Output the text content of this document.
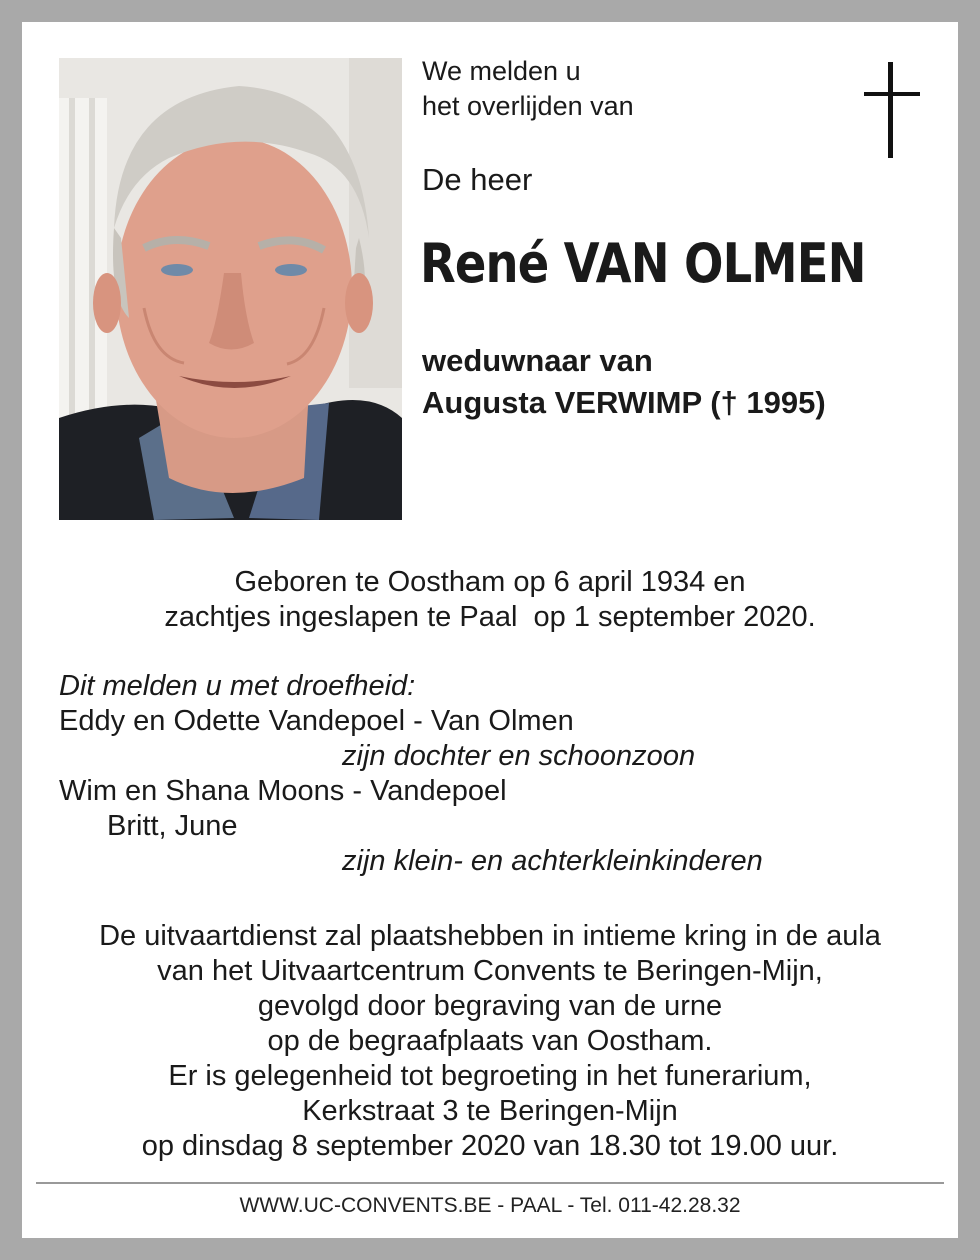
We melden u
het overlijden van
De heer
René VAN OLMEN
weduwnaar van
Augusta VERWIMP († 1995)
Geboren te Oostham op 6 april 1934 en
zachtjes ingeslapen te Paal  op 1 september 2020.
Dit melden u met droefheid:
Eddy en Odette Vandepoel - Van Olmen
zijn dochter en schoonzoon
Wim en Shana Moons - Vandepoel
Britt, June
zijn klein- en achterkleinkinderen
De uitvaartdienst zal plaatshebben in intieme kring in de aula
van het Uitvaartcentrum Convents te Beringen-Mijn,
gevolgd door begraving van de urne
op de begraafplaats van Oostham.
Er is gelegenheid tot begroeting in het funerarium,
Kerkstraat 3 te Beringen-Mijn
op dinsdag 8 september 2020 van 18.30 tot 19.00 uur.
WWW.UC-CONVENTS.BE - PAAL - Tel. 011-42.28.32
